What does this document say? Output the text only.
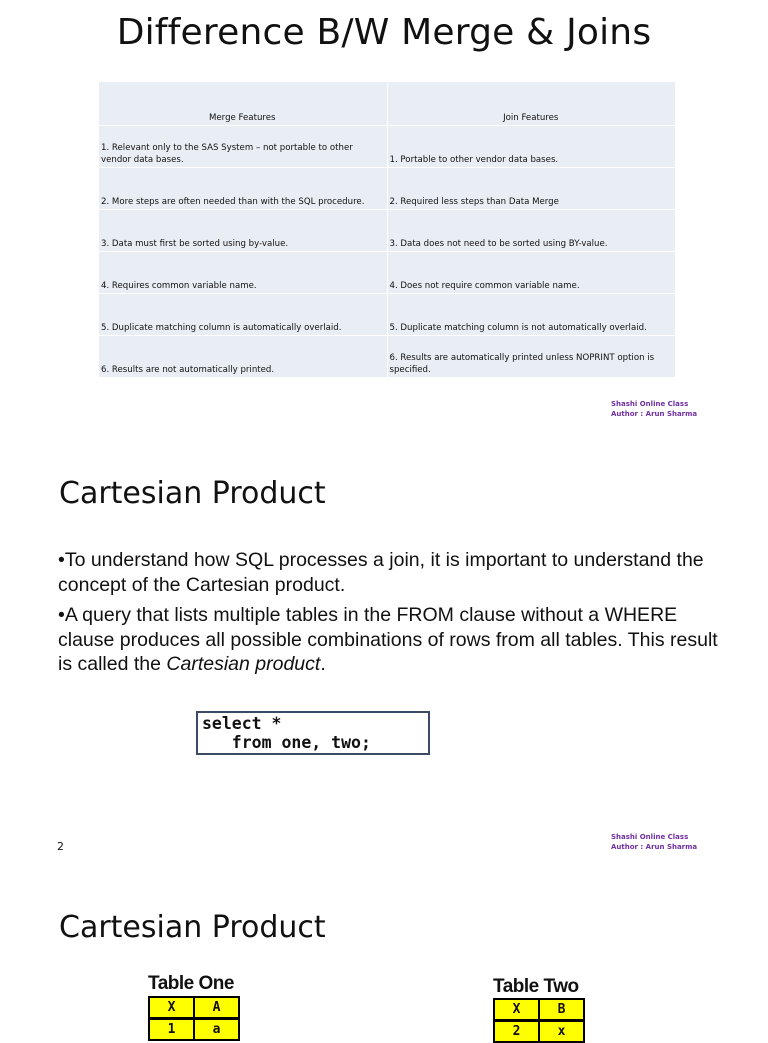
Difference B/W Merge & Joins
Merge Features	Join Features
1. Relevant only to the SAS System – not portable to other vendor data bases.	1. Portable to other vendor data bases.
2. More steps are often needed than with the SQL procedure.	2. Required less steps than Data Merge
3. Data must first be sorted using by-value.	3. Data does not need to be sorted using BY-value.
4. Requires common variable name.	4. Does not require common variable name.
5. Duplicate matching column is automatically overlaid.	5. Duplicate matching column is not automatically overlaid.
6. Results are not automatically printed.	6. Results are automatically printed unless NOPRINT option is specified.
Shashi Online Class
Author : Arun Sharma
Cartesian Product

•To understand how SQL processes a join, it is important to understand the concept of the Cartesian product.

•A query that lists multiple tables in the FROM clause without a WHERE clause produces all possible combinations of rows from all tables. This result is called the Cartesian product.

select *
from one, two;
2
Shashi Online Class
Author : Arun Sharma
Cartesian Product
Table One
X	A
1	a
Table Two
X	B
2	x
